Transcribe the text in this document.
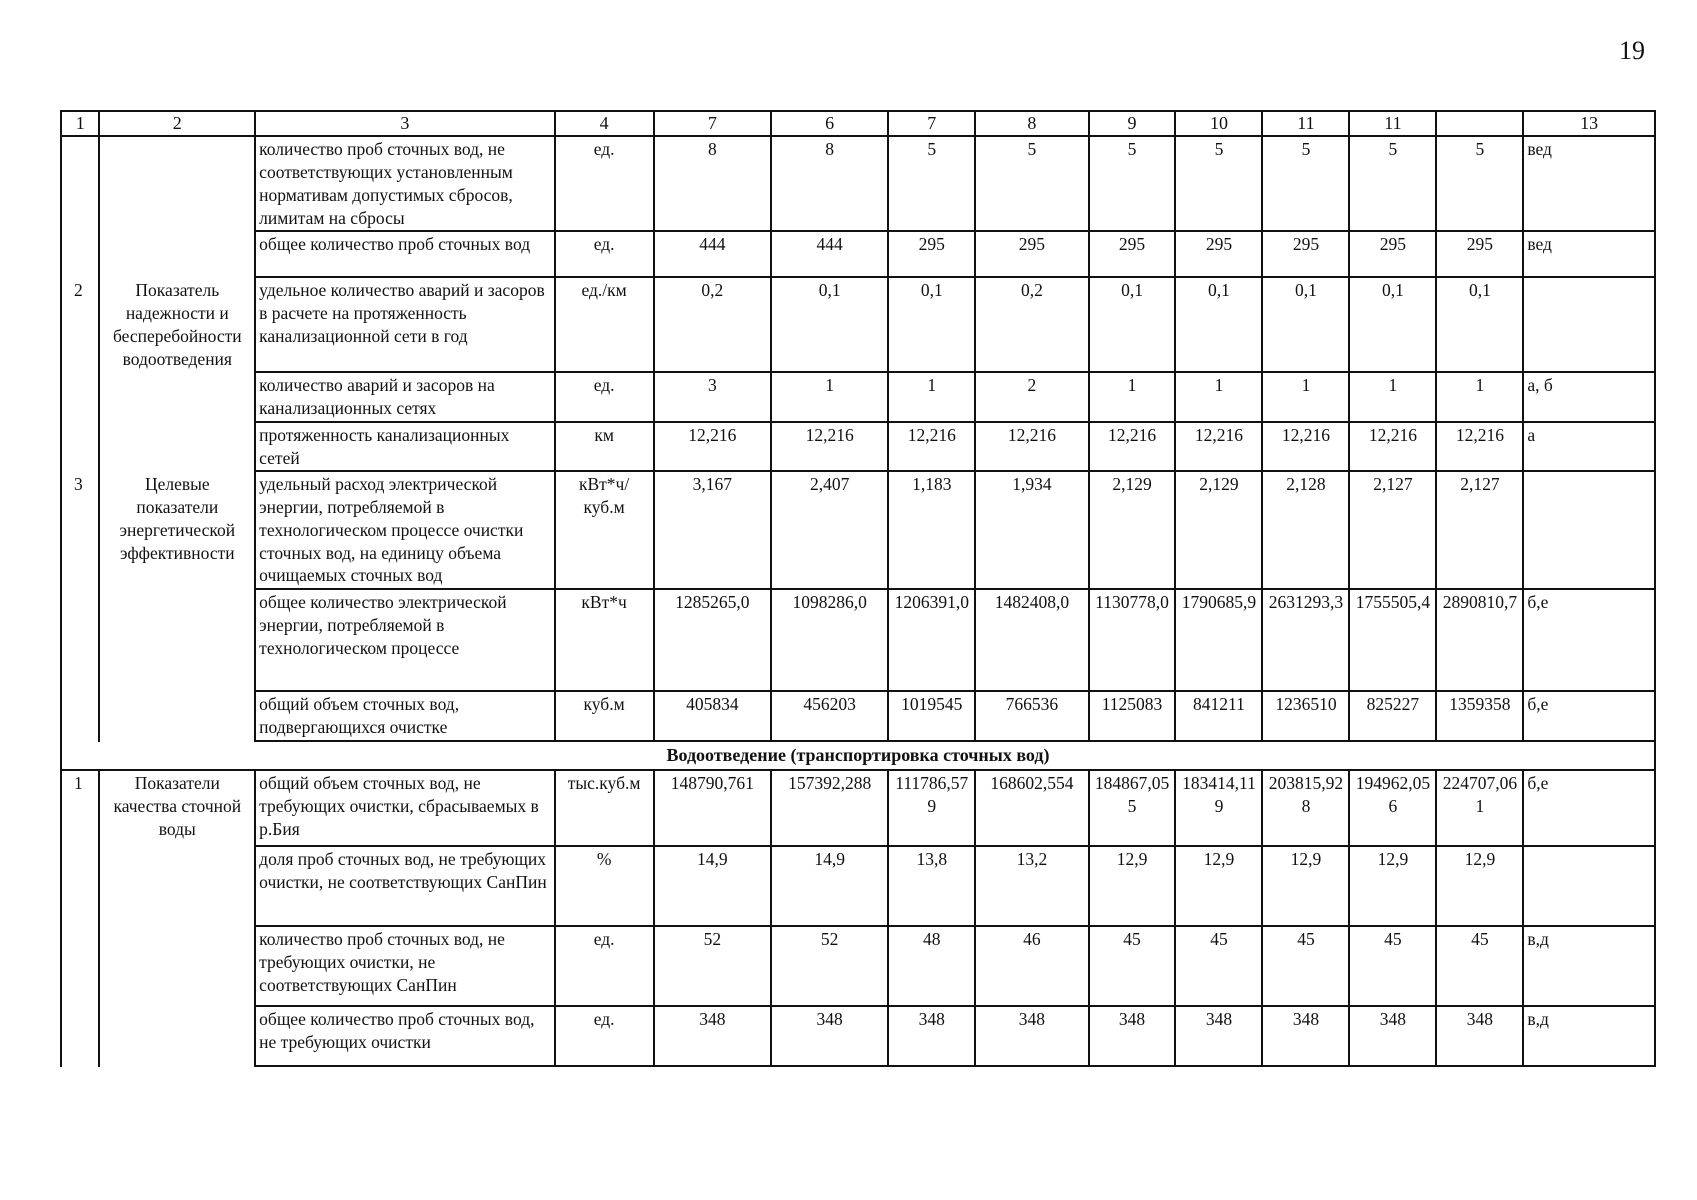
19
1	2	3	4	7	6	7	8	9	10	11	11		13
		количество проб сточных вод, не соответствующих установленным нормативам допустимых сбросов, лимитам на сбросы	ед.	8	8	5	5	5	5	5	5	5	вед
		общее количество проб сточных вод	ед.	444	444	295	295	295	295	295	295	295	вед
2	Показатель надежности и бесперебойности водоотведения	удельное количество аварий и засоров в расчете на протяженность канализационной сети в год	ед./км	0,2	0,1	0,1	0,2	0,1	0,1	0,1	0,1	0,1	
		количество аварий и засоров на канализационных сетях	ед.	3	1	1	2	1	1	1	1	1	а, б
		протяженность канализационных сетей	км	12,216	12,216	12,216	12,216	12,216	12,216	12,216	12,216	12,216	а
3	Целевые показатели энергетической эффективности	удельный расход электрической энергии, потребляемой в технологическом процессе очистки сточных вод, на единицу объема очищаемых сточных вод	кВт*ч/куб.м	3,167	2,407	1,183	1,934	2,129	2,129	2,128	2,127	2,127	
		общее количество электрической энергии, потребляемой в технологическом процессе	кВт*ч	1285265,0	1098286,0	1206391,0	1482408,0	1130778,0	1790685,9	2631293,3	1755505,4	2890810,7	б,е
		общий объем сточных вод, подвергающихся очистке	куб.м	405834	456203	1019545	766536	1125083	841211	1236510	825227	1359358	б,е
Водоотведение (транспортировка сточных вод)													
1	Показатели качества сточной воды	общий объем сточных вод, не требующих очистки, сбрасываемых в р.Бия	тыс.куб.м	148790,761	157392,288	111786,579	168602,554	184867,055	183414,119	203815,928	194962,056	224707,061	б,е
		доля проб сточных вод, не требующих очистки, не соответствующих СанПин	%	14,9	14,9	13,8	13,2	12,9	12,9	12,9	12,9	12,9	
		количество проб сточных вод, не требующих очистки, не соответствующих СанПин	ед.	52	52	48	46	45	45	45	45	45	в,д
		общее количество проб сточных вод, не требующих очистки	ед.	348	348	348	348	348	348	348	348	348	в,д
